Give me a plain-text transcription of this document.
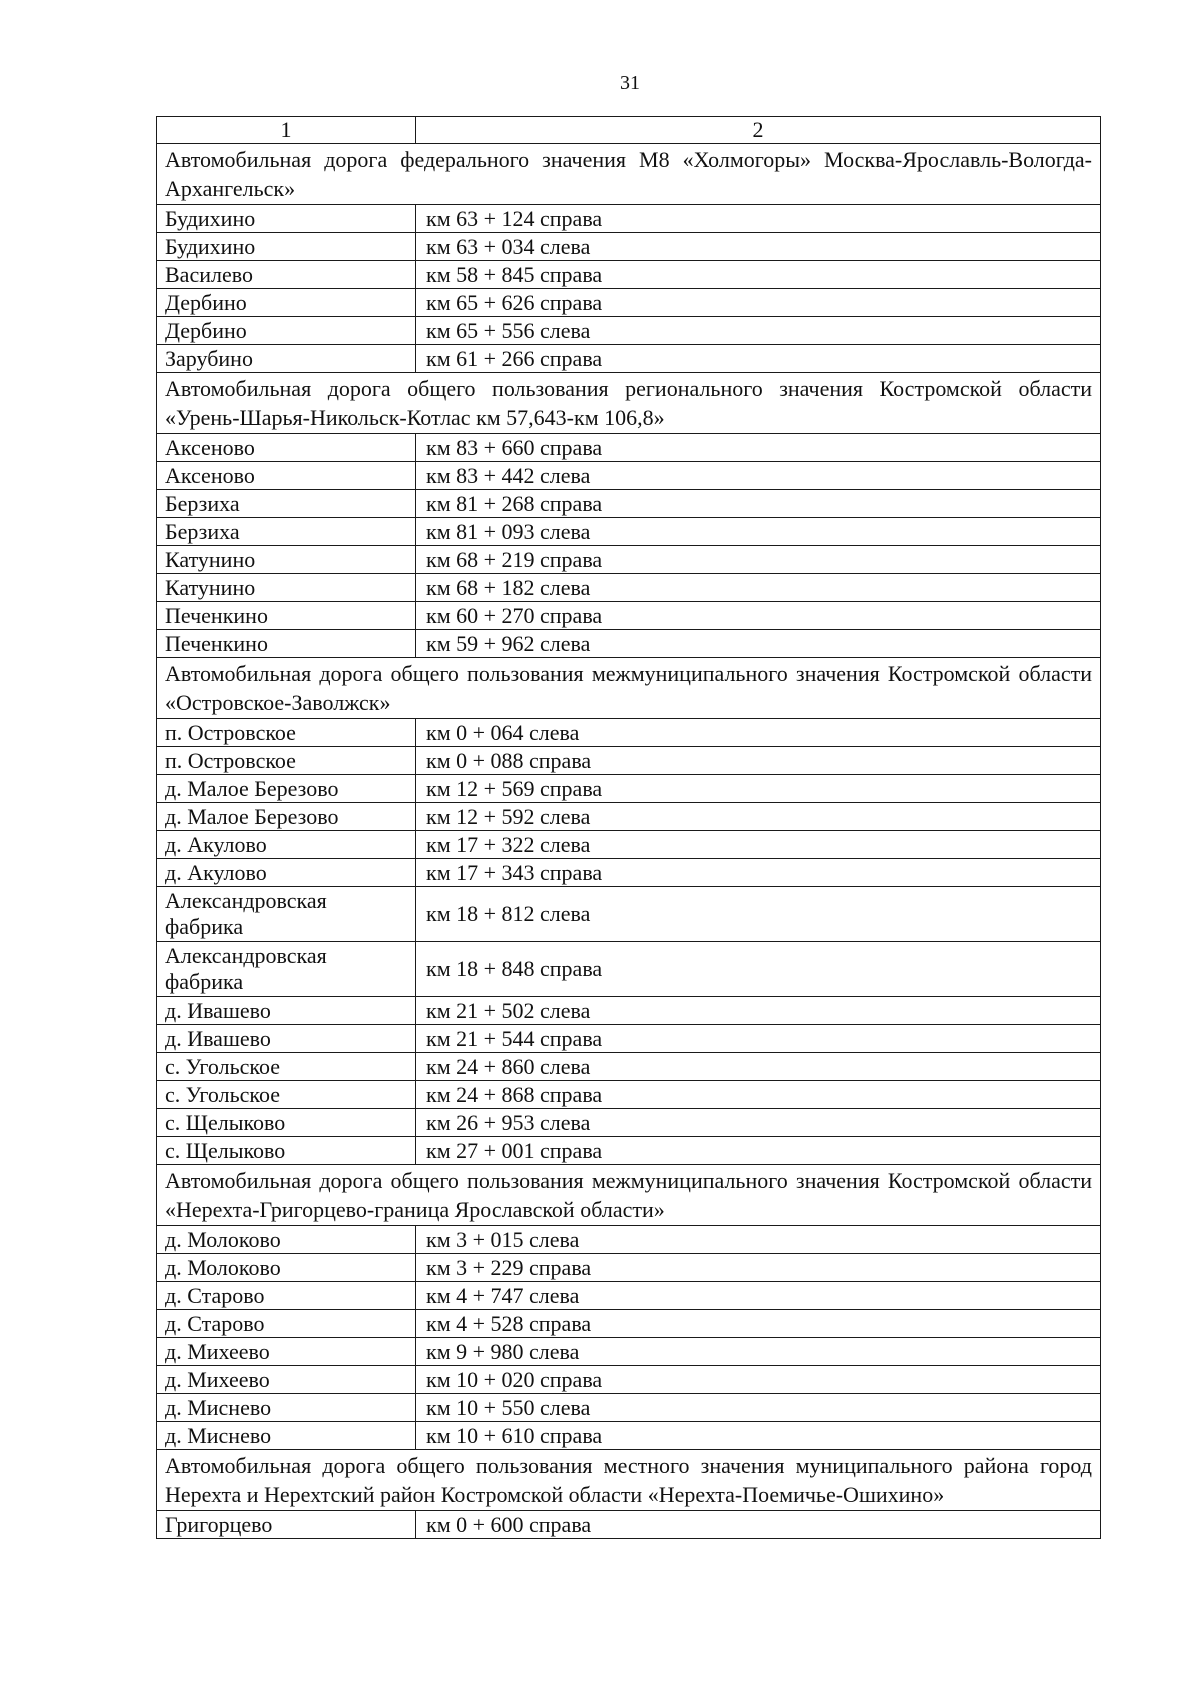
31
1	2
Автомобильная дорога федерального значения М8 «Холмогоры» Москва-Ярославль-Вологда-Архангельск»	
Будихино	км 63 + 124 справа
Будихино	км 63 + 034 слева
Василево	км 58 + 845 справа
Дербино	км 65 + 626 справа
Дербино	км 65 + 556 слева
Зарубино	км 61 + 266 справа
Автомобильная дорога общего пользования регионального значения Костромской области «Урень-Шарья-Никольск-Котлас км 57,643-км 106,8»	
Аксеново	км 83 + 660 справа
Аксеново	км 83 + 442 слева
Берзиха	км 81 + 268 справа
Берзиха	км 81 + 093 слева
Катунино	км 68 + 219 справа
Катунино	км 68 + 182 слева
Печенкино	км 60 + 270 справа
Печенкино	км 59 + 962 слева
Автомобильная дорога общего пользования межмуниципального значения Костромской области «Островское-Заволжск»	
п. Островское	км 0 + 064 слева
п. Островское	км 0 + 088 справа
д. Малое Березово	км 12 + 569 справа
д. Малое Березово	км 12 + 592 слева
д. Акулово	км 17 + 322 слева
д. Акулово	км 17 + 343 справа
Александровская фабрика	км 18 + 812 слева
Александровская фабрика	км 18 + 848 справа
д. Ивашево	км 21 + 502 слева
д. Ивашево	км 21 + 544 справа
с. Угольское	км 24 + 860 слева
с. Угольское	км 24 + 868 справа
с. Щелыково	км 26 + 953 слева
с. Щелыково	км 27 + 001 справа
Автомобильная дорога общего пользования межмуниципального значения Костромской области «Нерехта-Григорцево-граница Ярославской области»	
д. Молоково	км 3 + 015 слева
д. Молоково	км 3 + 229 справа
д. Старово	км 4 + 747 слева
д. Старово	км 4 + 528 справа
д. Михеево	км 9 + 980 слева
д. Михеево	км 10 + 020 справа
д. Миснево	км 10 + 550 слева
д. Миснево	км 10 + 610 справа
Автомобильная дорога общего пользования местного значения муниципального района город Нерехта и Нерехтский район Костромской области «Нерехта-Поемичье-Ошихино»	
Григорцево	км 0 + 600 справа
